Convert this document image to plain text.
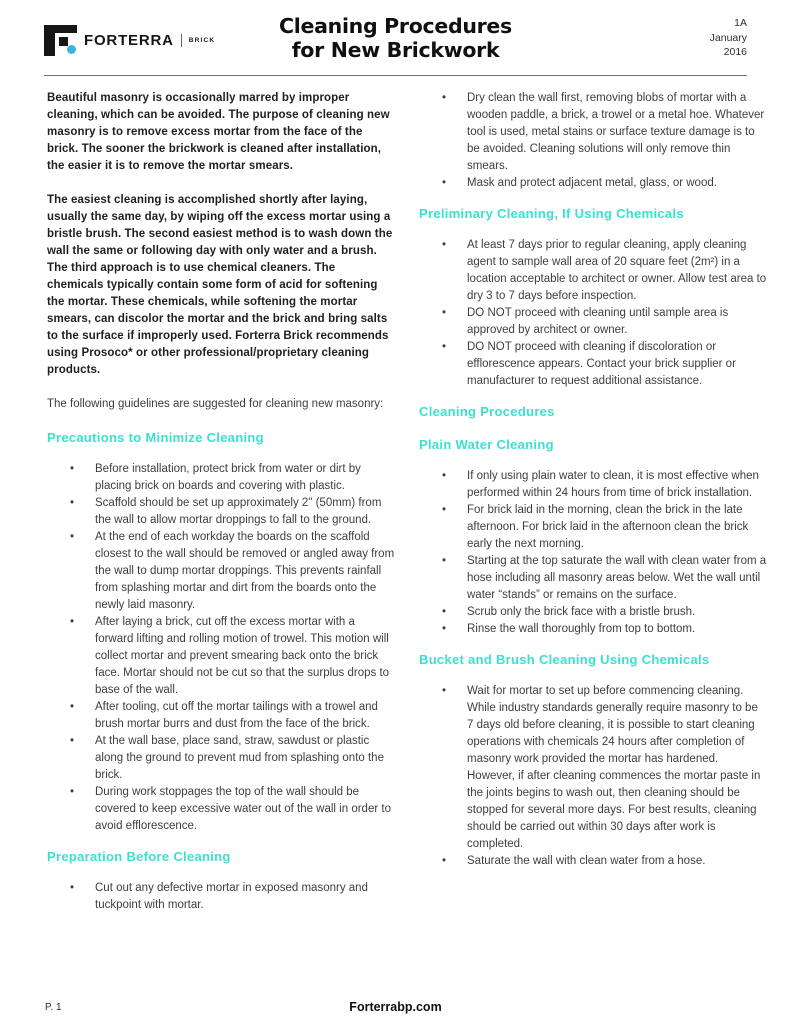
FORTERRA BRICK
Cleaning Procedures
for New Brickwork
1A
January
2016

Beautiful masonry is occasionally marred by improper cleaning, which can be avoided. The purpose of cleaning new masonry is to remove excess mortar from the face of the brick. The sooner the brickwork is cleaned after installation, the easier it is to remove the mortar smears.

The easiest cleaning is accomplished shortly after laying, usually the same day, by wiping off the excess mortar using a bristle brush. The second easiest method is to wash down the wall the same or following day with only water and a brush. The third approach is to use chemical cleaners. The chemicals typically contain some form of acid for softening the mortar. These chemicals, while softening the mortar smears, can discolor the mortar and the brick and bring salts to the surface if improperly used. Forterra Brick recommends using Prosoco* or other professional/proprietary cleaning products.

The following guidelines are suggested for cleaning new masonry:

Precautions to Minimize Cleaning
• Before installation, protect brick from water or dirt by placing brick on boards and covering with plastic.
• Scaffold should be set up approximately 2" (50mm) from the wall to allow mortar droppings to fall to the ground.
• At the end of each workday the boards on the scaffold closest to the wall should be removed or angled away from the wall to dump mortar droppings. This prevents rainfall from splashing mortar and dirt from the boards onto the newly laid masonry.
• After laying a brick, cut off the excess mortar with a forward lifting and rolling motion of trowel. This motion will collect mortar and prevent smearing back onto the brick face. Mortar should not be cut so that the surplus drops to base of the wall.
• After tooling, cut off the mortar tailings with a trowel and brush mortar burrs and dust from the face of the brick.
• At the wall base, place sand, straw, sawdust or plastic along the ground to prevent mud from splashing onto the brick.
• During work stoppages the top of the wall should be covered to keep excessive water out of the wall in order to avoid efflorescence.
Preparation Before Cleaning
• Cut out any defective mortar in exposed masonry and tuckpoint with mortar.
• Dry clean the wall first, removing blobs of mortar with a wooden paddle, a brick, a trowel or a metal hoe. Whatever tool is used, metal stains or surface texture damage is to be avoided. Cleaning solutions will only remove thin smears.
• Mask and protect adjacent metal, glass, or wood.
Preliminary Cleaning, If Using Chemicals
• At least 7 days prior to regular cleaning, apply cleaning agent to sample wall area of 20 square feet (2m²) in a location acceptable to architect or owner. Allow test area to dry 3 to 7 days before inspection.
• DO NOT proceed with cleaning until sample area is approved by architect or owner.
• DO NOT proceed with cleaning if discoloration or efflorescence appears. Contact your brick supplier or manufacturer to request additional assistance.
Cleaning Procedures
Plain Water Cleaning
• If only using plain water to clean, it is most effective when performed within 24 hours from time of brick installation.
• For brick laid in the morning, clean the brick in the late afternoon. For brick laid in the afternoon clean the brick early the next morning.
• Starting at the top saturate the wall with clean water from a hose including all masonry areas below. Wet the wall until water “stands” or remains on the surface.
• Scrub only the brick face with a bristle brush.
• Rinse the wall thoroughly from top to bottom.
Bucket and Brush Cleaning Using Chemicals
• Wait for mortar to set up before commencing cleaning. While industry standards generally require masonry to be 7 days old before cleaning, it is possible to start cleaning operations with chemicals 24 hours after completion of masonry work provided the mortar has hardened. However, if after cleaning commences the mortar paste in the joints begins to wash out, then cleaning should be stopped for several more days. For best results, cleaning should be carried out within 30 days after work is completed.
• Saturate the wall with clean water from a hose.
P. 1	Forterrabp.com
